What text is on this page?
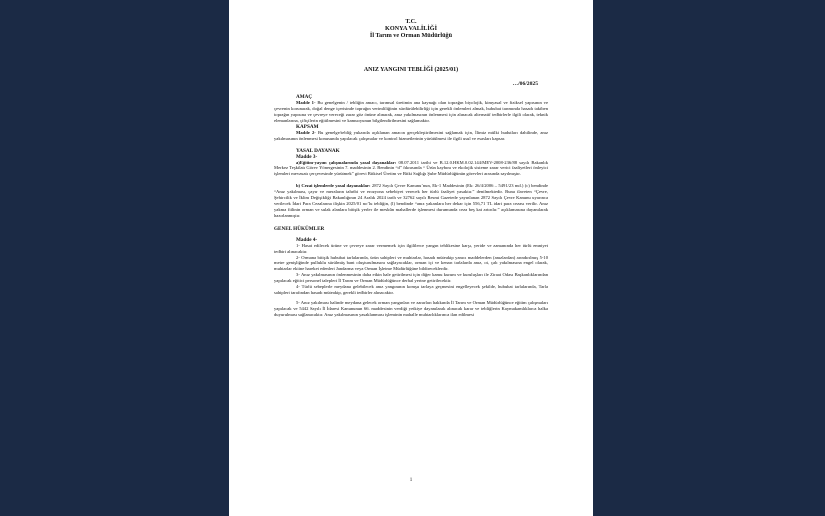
T.C.
KONYA VALİLİĞİ
İl Tarım ve Orman Müdürlüğü
ANIZ YANGINI TEBLİĞİ (2025/01)
…/06/2025
AMAÇ
Madde 1- Bu genelgenin / tebliğin amacı, tarımsal üretimin ana kaynağı olan toprağın biyolojik, kimyasal ve fiziksel yapısının ve çevrenin korunarak, doğal denge içerisinde toprağın verimliliğinin sürdürülebilirliği için gerekli önlemleri almak, hububat tarımında hasadı takiben toprağın yapısına ve çevreye vereceği zarar göz önüne alınarak, anız yakılmasının önlenmesi için alınacak alternatif tedbirlerle ilgili olarak, teknik elemanlarına, çiftçilerin eğitilmesini ve kamuoyunun bilgilendirilmesini sağlamaktır.
KAPSAM
Madde 2- Bu genelge/tebliğ yukarıda açıklanan amacın gerçekleştirilmesini sağlamak için, İlimiz mülki hudutları dahilinde, anız yakılmasının önlenmesi konusunda yapılacak çalışmalar ve kontrol hizmetlerinin yürütülmesi ile ilgili usul ve esasları kapsar.
YASAL DAYANAK
Madde 3-
a)Eğitim-yayım çalışmalarında yasal dayanaklar: 08.07.2011 tarihi ve B.12.0.HKM.0.02.144/MEV-2008-236/88 sayılı Bakanlık Merkez Teşkilatı Görev Yönergesinin 7. maddesinin 2. Bendinin “d” fıkrasında “ Ürün kaybını ve ekolojik sisteme zarar verici faaliyetleri önleyici işlemleri mevzuatı çerçevesinde yürütmek” görevi Bitkisel Üretim ve Bitki Sağlığı Şube Müdürlüğünün görevleri arasında sayılmıştır.
b) Cezai işlemlerde yasal dayanaklar: 2872 Sayılı Çevre Kanunu’nun, Ek-1 Maddesinin (Ek: 26/4/2006 – 5491/23 md.) (c) bendinde “Anız yakılması, çayır ve meraların tahribi ve erozyona sebebiyet verecek her türlü faaliyet yasaktır.” denilmektedir. Buna ilaveten “Çevre, Şehircilik ve İklim Değişikliği Bakanlığının 24 Aralık 2024 tarih ve 32762 sayılı Resmi Gazetede yayınlanan 2872 Sayılı Çevre Kanunu uyarınca verilecek İdari Para Cezalarına ilişkin 2025/01 no’lu tebliğin, (l) bendinde “anız yakanlara her dekar için 556,71 TL idari para cezası verilir. Anız yakma fiilinin orman ve sulak alanlara bitişik yerler ile meskûn mahallerde işlenmesi durumunda ceza beş kat artırılır.” açıklamasına dayanılarak hazırlanmıştır.
GENEL HÜKÜMLER
Madde 4-
1- Hasat edilecek ürüne ve çevreye zarar vermemek için ilgililerce yangın tehlikesine karşı, yeride ve zamanında her türlü emniyet tedbiri alınacaktır.
2- Ormana bitişik hububat tarlalarında, ürün sahipleri ve muhtarlar, hasadı müteakip yanıcı maddelerden (anızlardan) arındırılmış 5-10 metre genişliğinde pulluklu sürülmüş bant oluşturulmasını sağlayacaklar, orman içi ve kenarı tarlalarda anız, ot, çalı yakılmasına engel olarak, muhtarlar ekiine hareket edenleri Jandarma veya Orman İşletme Müdürlüğüne bildireceklerdir.
3- Anız yakılmasının önlenmesinin daha etkin hale getirilmesi için diğer kamu kurum ve kuruluşları ile Ziraat Odası Başkanlıklarından yapılacak eğitici personel talepleri İl Tarım ve Orman Müdürlüğünce derhal yerine getirilecektir.
4- Türlü sebeplerle meydana gelebilecek anız yangınının komşu tarlaya geçmesini engelleyecek şekilde, hububat tarlalarında, Tarla sahipleri tarafından hasadı müteakip, gerekli tedbirler alınacaktır.
5- Anız yakılması halinde meydana gelecek orman yangınları ve zararları hakkında İl Tarım ve Orman Müdürlüğünce eğitim çalışmaları yapılacak ve 5442 Sayılı İl İdaresi Kanununun 66. maddesinin verdiği yetkiye dayanılarak alınacak karar ve tebliğlerin Kaymakamlıklarca halka duyurulması sağlanacaktır. Anız yakılmasının yasaklanması işleminin mahalle muhtarlıklarınca ilan edilmesi
1
